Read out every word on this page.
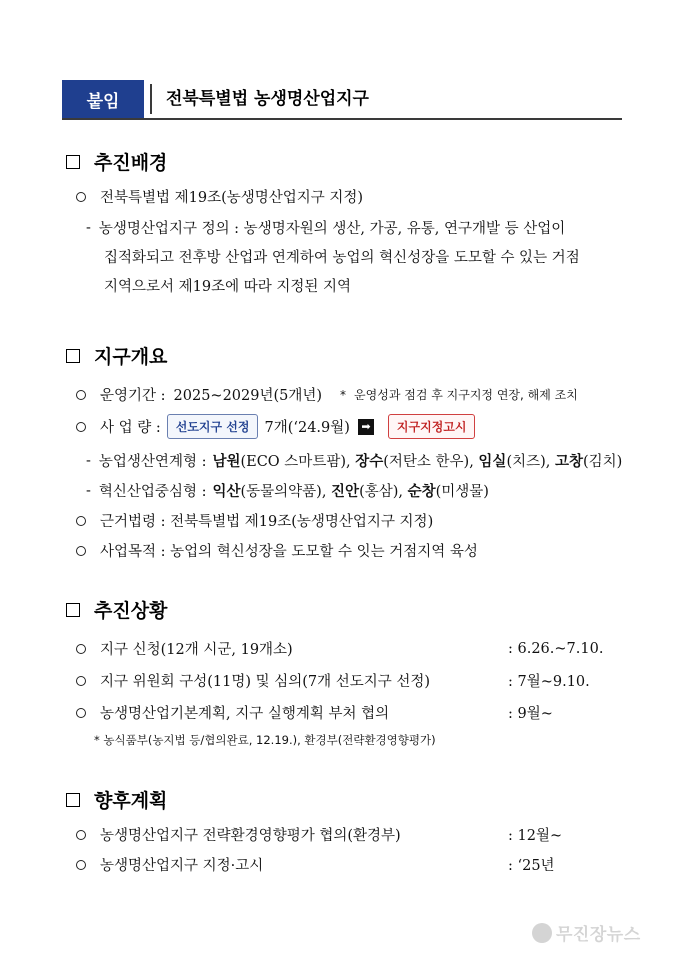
붙임	전북특별법 농생명산업지구
추진배경
전북특별법 제19조(농생명산업지구 지정)
- 농생명산업지구 정의 : 농생명자원의 생산, 가공, 유통, 연구개발 등 산업이
집적화되고 전후방 산업과 연계하여 농업의 혁신성장을 도모할 수 있는 거점
지역으로서 제19조에 따라 지정된 지역
지구개요
운영기간 : 2025~2029년(5개년) * 운영성과 점검 후 지구지정 연장, 해제 조치
사 업 량 :	선도지구 선정	7개(‘24.9월)	➡	지구지정고시
- 농업생산연계형 : 남원 (ECO 스마트팜),
장수 (저탄소 한우),
임실 (치즈),
고창 (김치)
- 혁신산업중심형 : 익산 (동물의약품),
진안 (홍삼),
순창 (미생물)
근거법령 : 전북특별법 제19조(농생명산업지구 지정)
사업목적 : 농업의 혁신성장을 도모할 수 잇는 거점지역 육성
추진상황
지구 신청(12개 시군, 19개소)	: 6.26.~7.10.
지구 위원회 구성(11명) 및 심의(7개 선도지구 선정)	: 7월~9.10.
농생명산업기본계획, 지구 실행계획 부처 협의	: 9월~
* 농식품부(농지법 등/협의완료, 12.19.), 환경부(전략환경영향평가)
향후계획
농생명산업지구 전략환경영향평가 협의(환경부)	: 12월~
농생명산업지구 지정·고시	: ‘25년
무진장뉴스
